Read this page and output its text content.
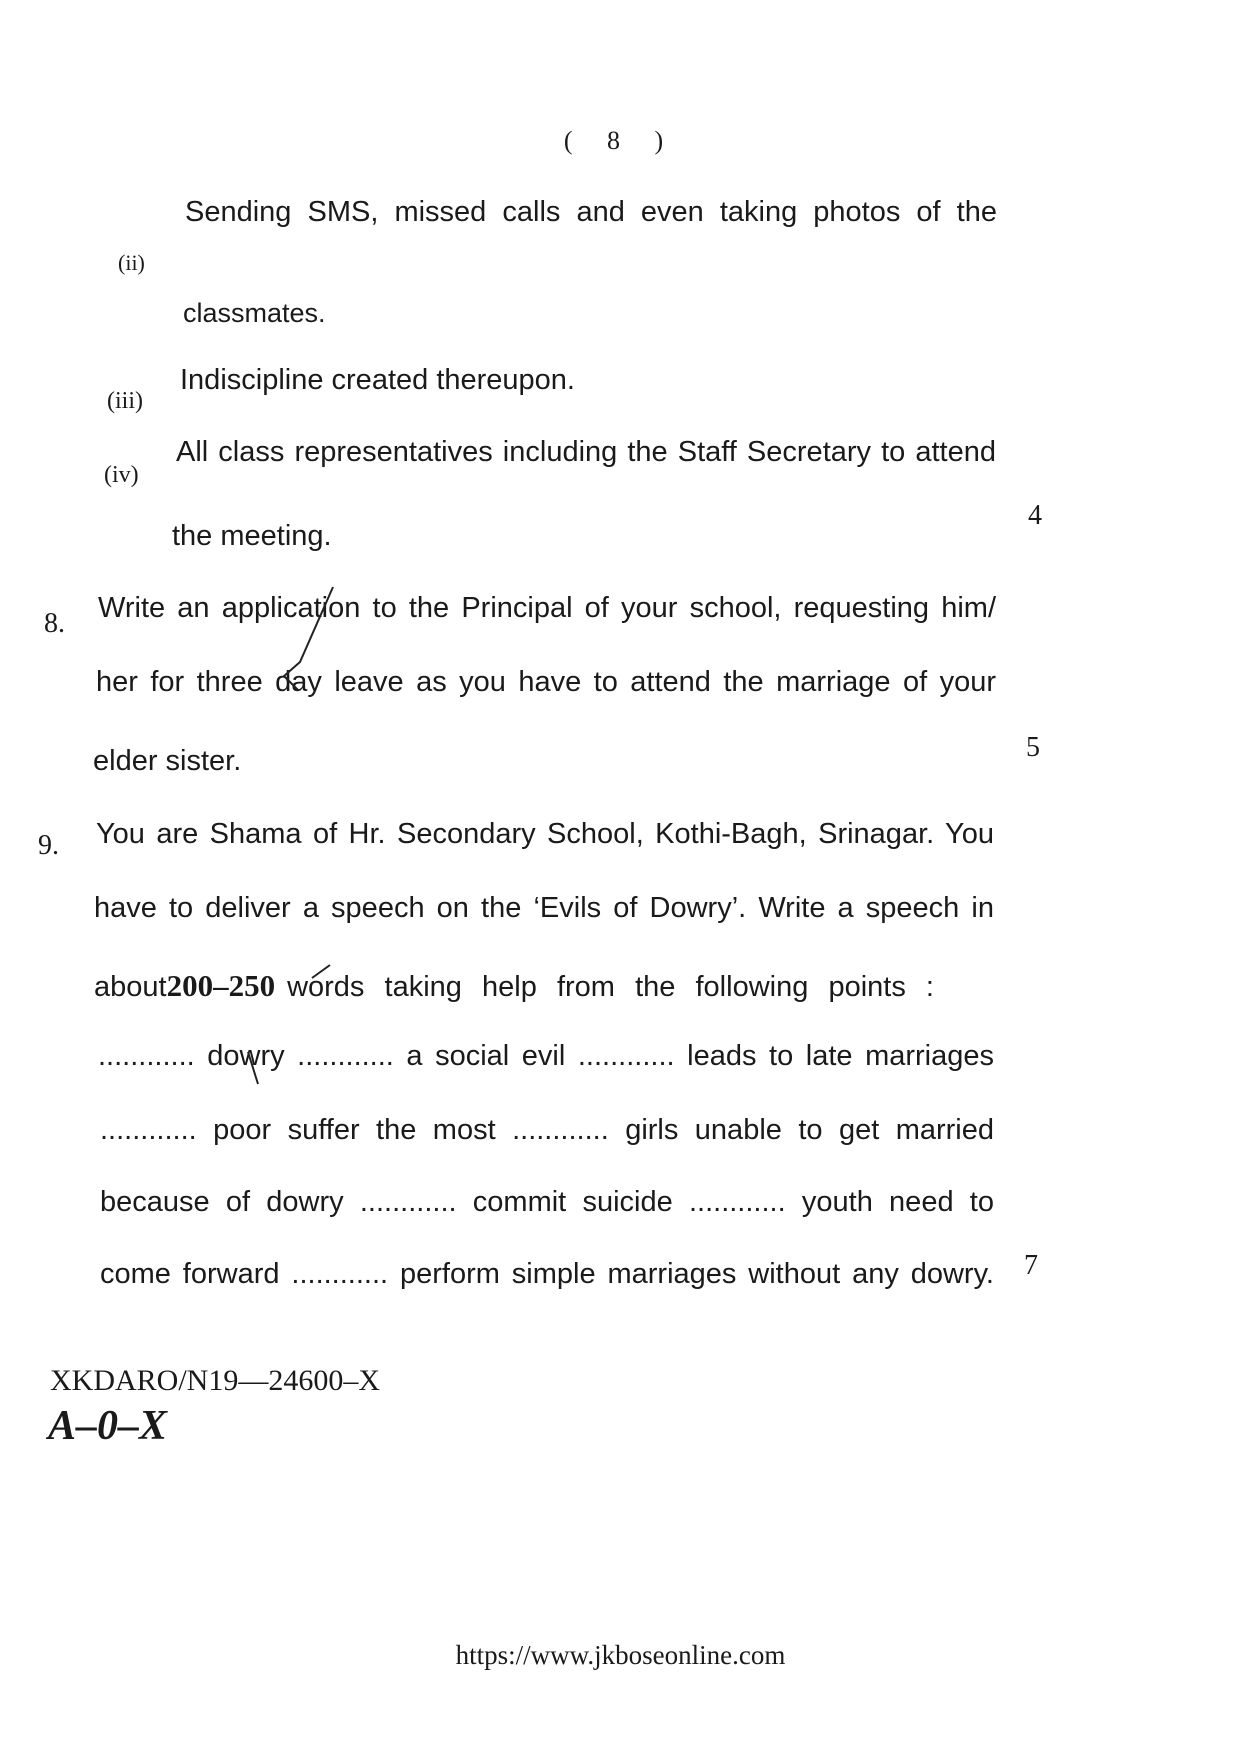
( 8 )
(ii)
Sending SMS, missed calls and even taking photos of the
classmates.
(iii)
Indiscipline created thereupon.
(iv)
All class representatives including the Staff Secretary to attend
the meeting.
4
8. Write an application to the Principal of your school, requesting him/
her for three day leave as you have to attend the marriage of your
elder sister.	5
9. You are Shama of Hr. Secondary School, Kothi-Bagh, Srinagar. You
have to deliver a speech on the ‘Evils of Dowry’. Write a speech in
about 200–250 words taking help from the following points :
............ dowry ............ a social evil ............ leads to late marriages
............ poor suffer the most ............ girls unable to get married
because of dowry ............ commit suicide ............ youth need to
come forward ............ perform simple marriages without any dowry. 7
XKDARO/N19—24600–X
A–0–X
https://www.jkboseonline.com
